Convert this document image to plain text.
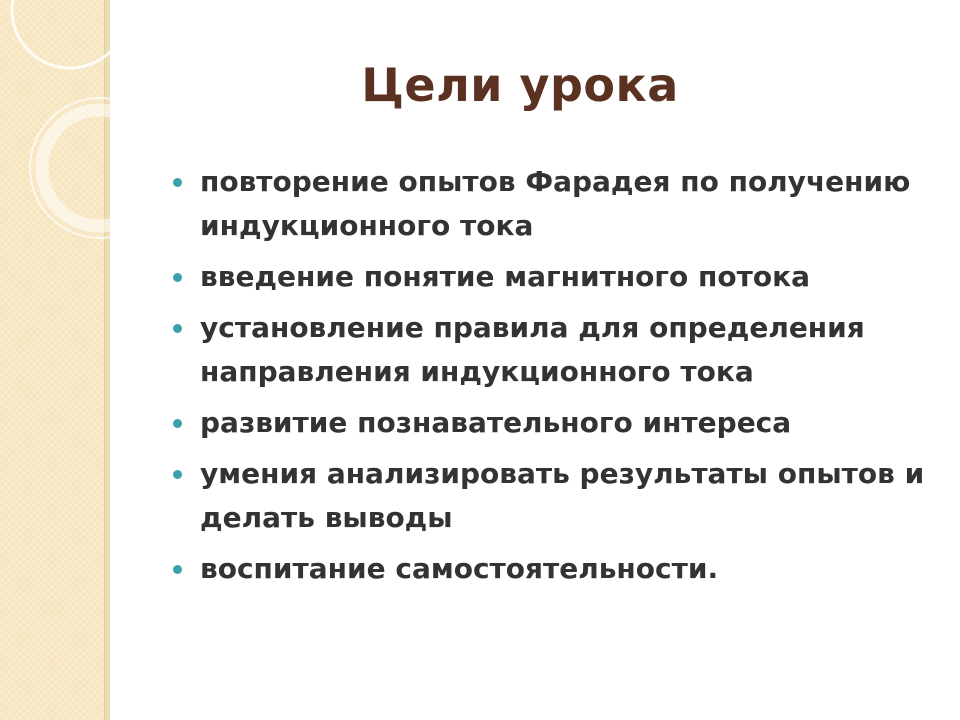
Цели урока
повторение опытов Фарадея по получению индукционного тока
введение понятие магнитного потока
установление правила для определения направления индукционного тока
развитие познавательного интереса
умения анализировать результаты опытов и делать выводы
воспитание самостоятельности.
